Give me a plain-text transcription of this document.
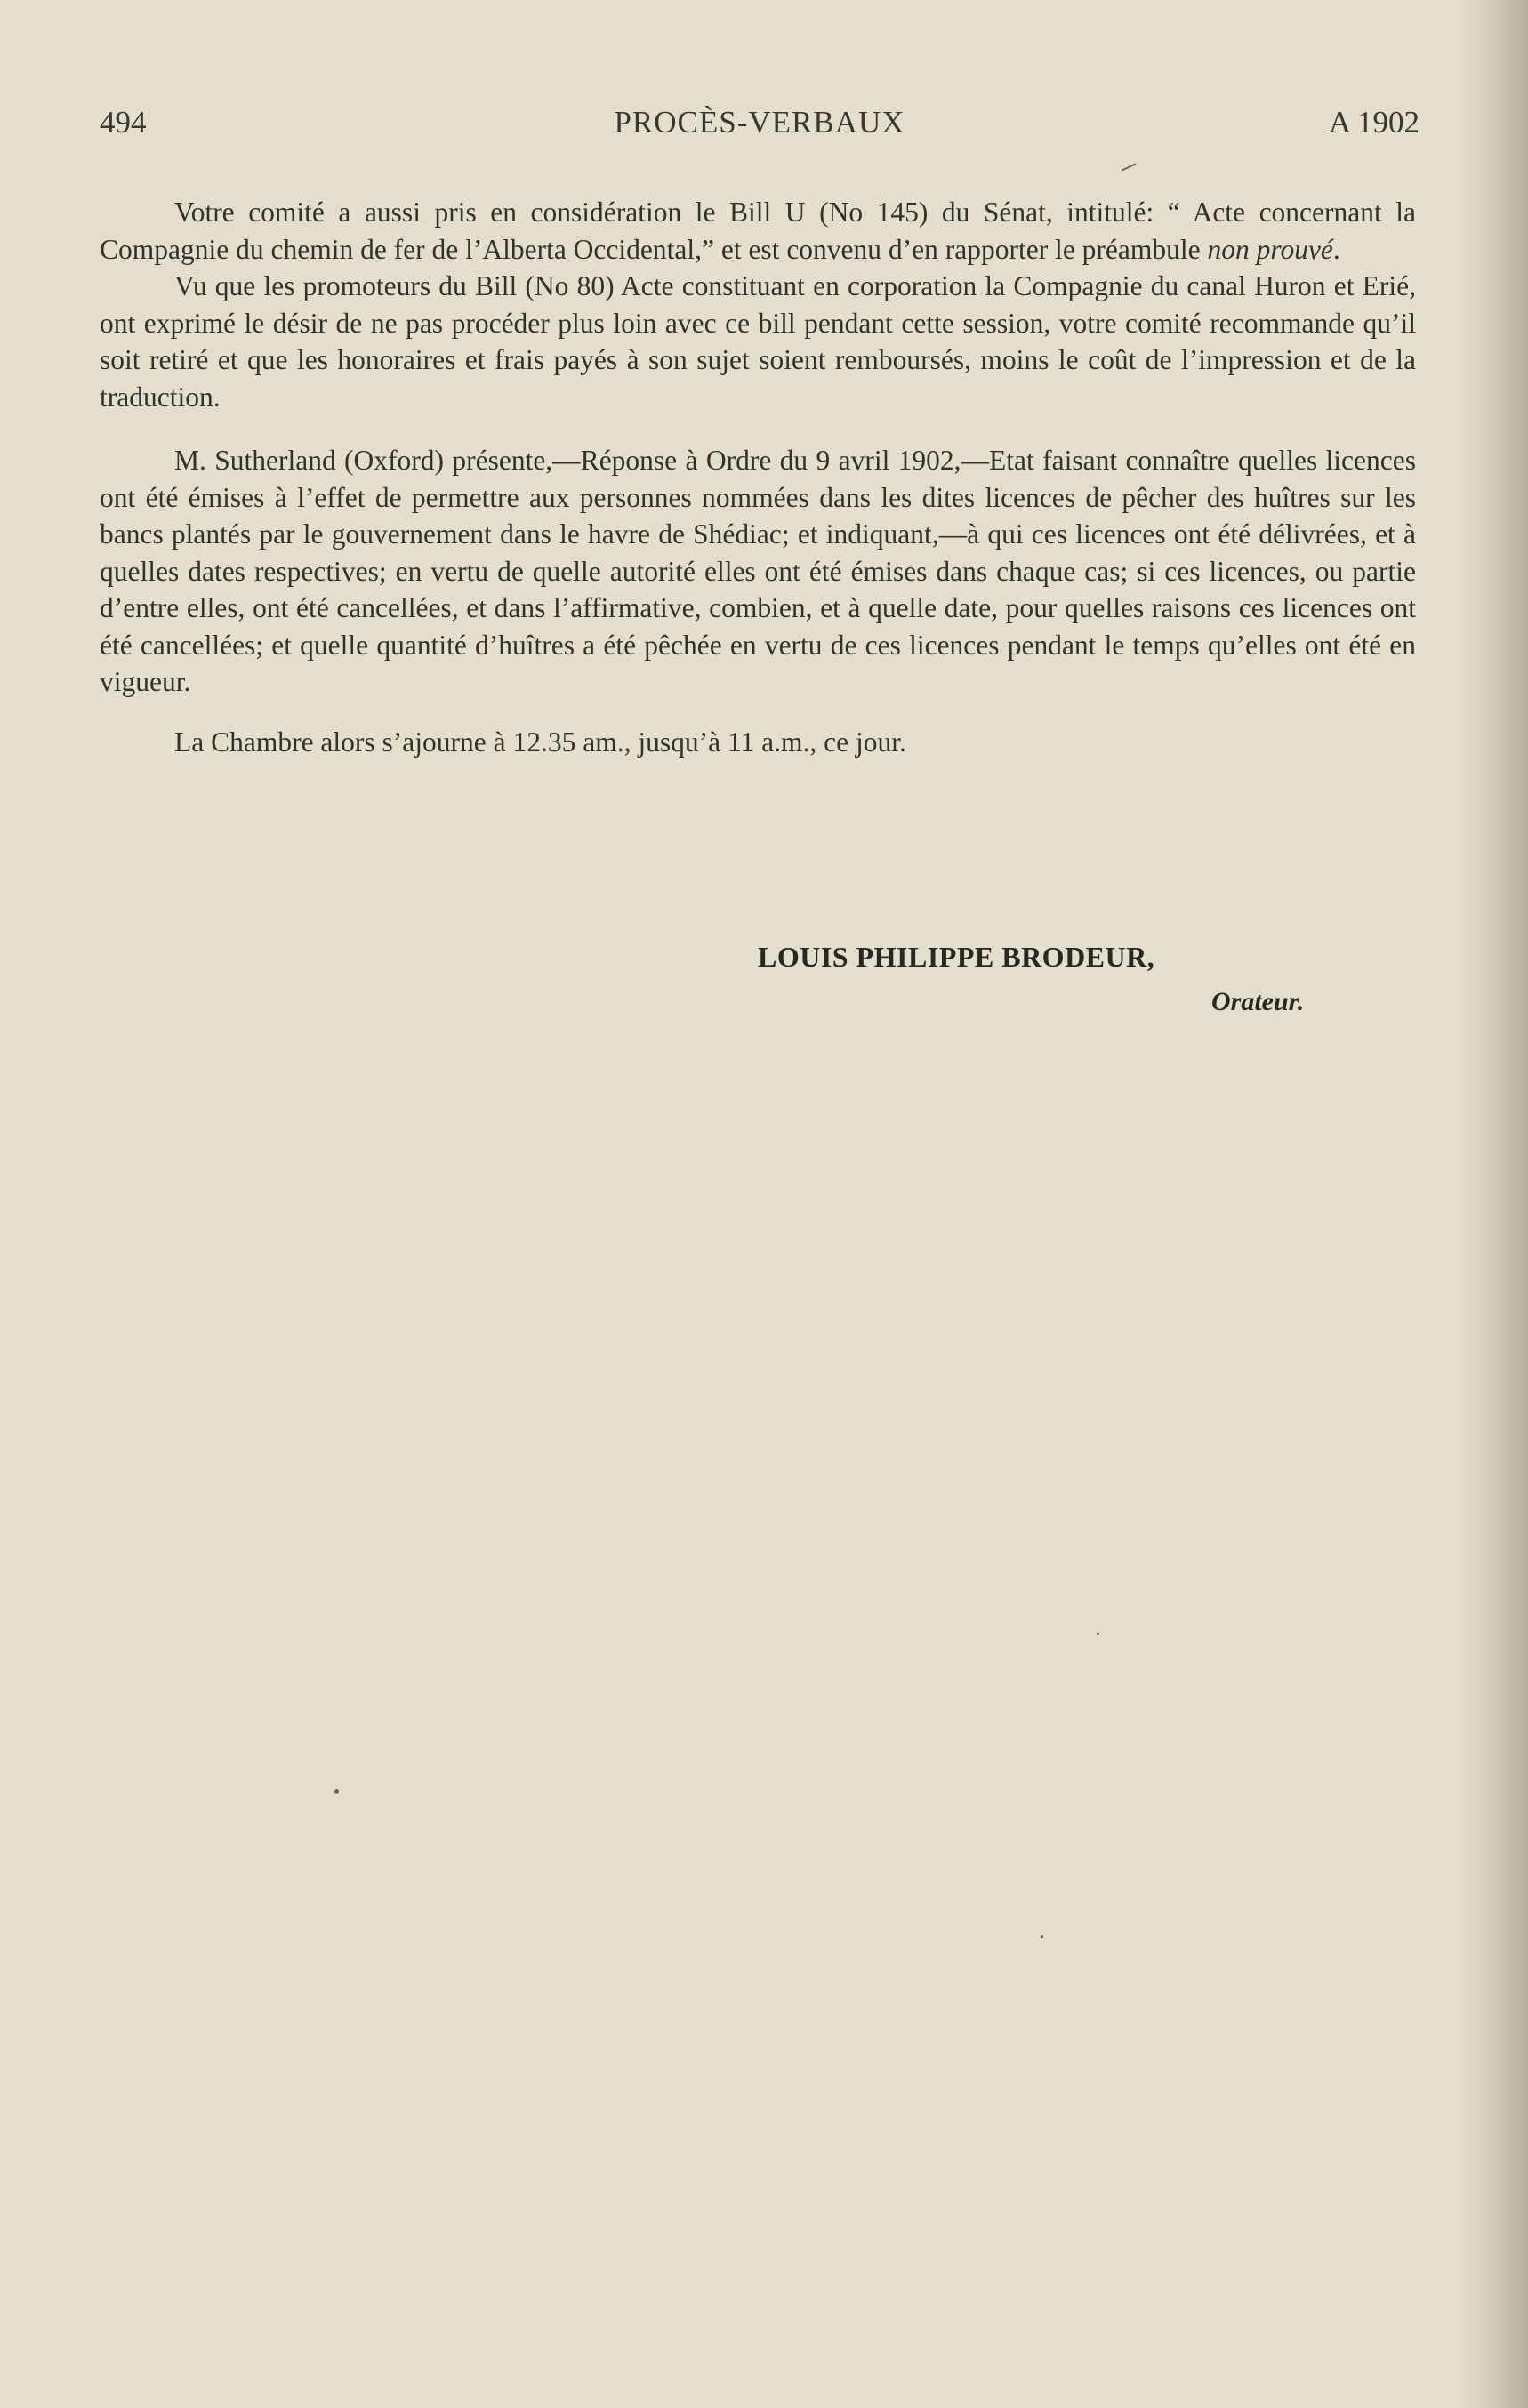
494	PROCÈS-VERBAUX	A 1902

Votre comité a aussi pris en considération le Bill U (No 145) du Sénat, intitulé: “ Acte concernant la Compagnie du chemin de fer de l’Alberta Occidental,” et est convenu d’en rapporter le préambule non prouvé.

Vu que les promoteurs du Bill (No 80) Acte constituant en corporation la Compagnie du canal Huron et Erié, ont exprimé le désir de ne pas procéder plus loin avec ce bill pendant cette session, votre comité recommande qu’il soit retiré et que les honoraires et frais payés à son sujet soient remboursés, moins le coût de l’impression et de la traduction.

M. Sutherland (Oxford) présente,—Réponse à Ordre du 9 avril 1902,—Etat faisant connaître quelles licences ont été émises à l’effet de permettre aux personnes nommées dans les dites licences de pêcher des huîtres sur les bancs plantés par le gouvernement dans le havre de Shédiac; et indiquant,—à qui ces licences ont été délivrées, et à quelles dates respectives; en vertu de quelle autorité elles ont été émises dans chaque cas; si ces licences, ou partie d’entre elles, ont été cancellées, et dans l’affirmative, combien, et à quelle date, pour quelles raisons ces licences ont été cancellées; et quelle quantité d’huîtres a été pêchée en vertu de ces licences pendant le temps qu’elles ont été en vigueur.

La Chambre alors s’ajourne à 12.35 am., jusqu’à 11 a.m., ce jour.

LOUIS PHILIPPE BRODEUR,
Orateur.
